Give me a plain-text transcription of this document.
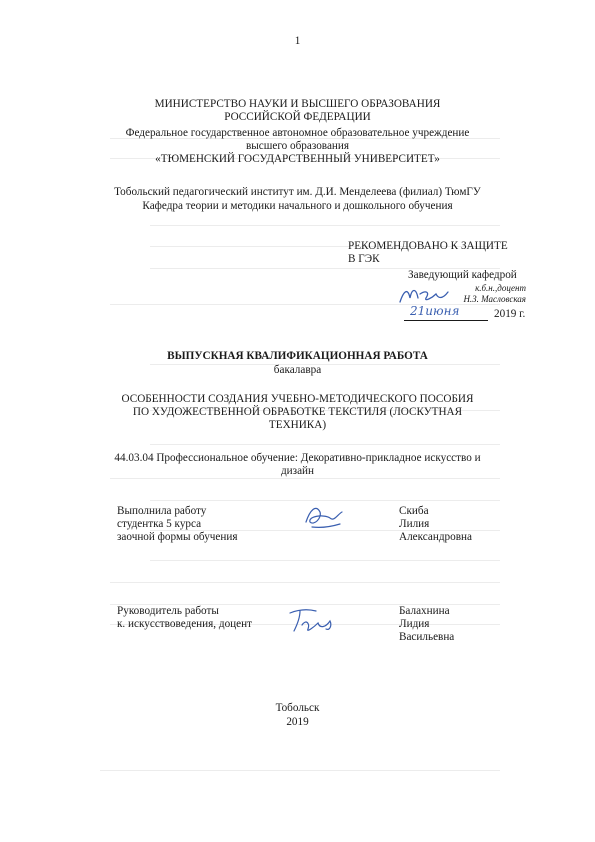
1
МИНИСТЕРСТВО НАУКИ И ВЫСШЕГО ОБРАЗОВАНИЯ
РОССИЙСКОЙ ФЕДЕРАЦИИ
Федеральное государственное автономное образовательное учреждение
высшего образования
«ТЮМЕНСКИЙ ГОСУДАРСТВЕННЫЙ УНИВЕРСИТЕТ»
Тобольский педагогический институт им. Д.И. Менделеева (филиал) ТюмГУ
Кафедра теории и методики начального и дошкольного обучения
РЕКОМЕНДОВАНО К ЗАЩИТЕ
В ГЭК
Заведующий кафедрой
к.б.н.,доцент
Н.З. Масловская
21июня	2019 г.
ВЫПУСКНАЯ КВАЛИФИКАЦИОННАЯ РАБОТА
бакалавра
ОСОБЕННОСТИ СОЗДАНИЯ УЧЕБНО-МЕТОДИЧЕСКОГО ПОСОБИЯ
ПО ХУДОЖЕСТВЕННОЙ ОБРАБОТКЕ ТЕКСТИЛЯ (ЛОСКУТНАЯ
ТЕХНИКА)
44.03.04 Профессиональное обучение: Декоративно-прикладное искусство и
дизайн
Выполнила работу
студентка 5 курса
заочной формы обучения
Скиба
Лилия
Александровна
Руководитель работы
к. искусствоведения, доцент
Балахнина
Лидия
Васильевна
Тобольск
2019
